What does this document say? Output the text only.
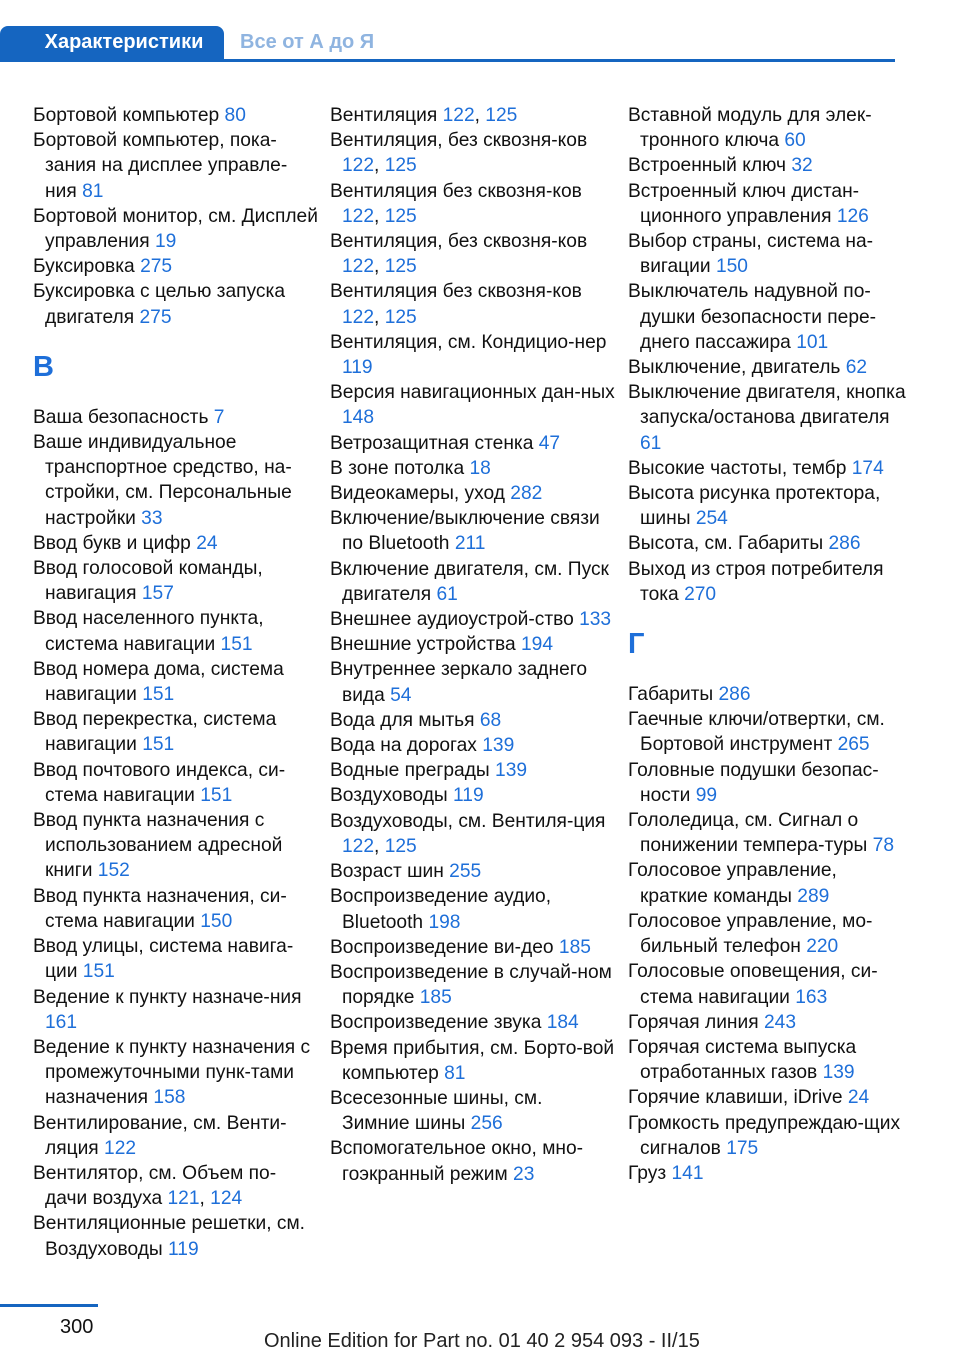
Характеристики	Все от А до Я
Бортовой компьютер 80
Бортовой компьютер, пока-зания на дисплее управле-ния 81
Бортовой монитор, см. Дисплей управления 19
Буксировка 275
Буксировка с целью запуска двигателя 275
В
Ваша безопасность 7
Ваше индивидуальное транспортное средство, на-стройки, см. Персональные настройки 33
Ввод букв и цифр 24
Ввод голосовой команды, навигация 157
Ввод населенного пункта, система навигации 151
Ввод номера дома, система навигации 151
Ввод перекрестка, система навигации 151
Ввод почтового индекса, си-стема навигации 151
Ввод пункта назначения с использованием адресной книги 152
Ввод пункта назначения, си-стема навигации 150
Ввод улицы, система навига-ции 151
Ведение к пункту назначе-ния 161
Ведение к пункту назначения с промежуточными пунк-тами назначения 158
Вентилирование, см. Венти-ляция 122
Вентилятор, см. Объем по-дачи воздуха 121, 124
Вентиляционные решетки, см. Воздуховоды 119
Вентиляция 122, 125
Вентиляция, без сквозня-ков 122, 125
Вентиляция без сквозня-ков 122, 125
Вентиляция, без сквозня-ков 122, 125
Вентиляция без сквозня-ков 122, 125
Вентиляция, см. Кондицио-нер 119
Версия навигационных дан-ных 148
Ветрозащитная стенка 47
В зоне потолка 18
Видеокамеры, уход 282
Включение/выключение связи по Bluetooth 211
Включение двигателя, см. Пуск двигателя 61
Внешнее аудиоустрой-ство 133
Внешние устройства 194
Внутреннее зеркало заднего вида 54
Вода для мытья 68
Вода на дорогах 139
Водные преграды 139
Воздуховоды 119
Воздуховоды, см. Вентиля-ция 122, 125
Возраст шин 255
Воспроизведение аудио, Bluetooth 198
Воспроизведение ви-део 185
Воспроизведение в случай-ном порядке 185
Воспроизведение звука 184
Время прибытия, см. Борто-вой компьютер 81
Всесезонные шины, см. Зимние шины 256
Вспомогательное окно, мно-гоэкранный режим 23
Вставной модуль для элек-тронного ключа 60
Встроенный ключ 32
Встроенный ключ дистан-ционного управления 126
Выбор страны, система на-вигации 150
Выключатель надувной по-душки безопасности пере-днего пассажира 101
Выключение, двигатель 62
Выключение двигателя, кнопка запуска/останова двигателя 61
Высокие частоты, тембр 174
Высота рисунка протектора, шины 254
Высота, см. Габариты 286
Выход из строя потребителя тока 270
Г
Габариты 286
Гаечные ключи/отвертки, см. Бортовой инструмент 265
Головные подушки безопас-ности 99
Гололедица, см. Сигнал о понижении темпера-туры 78
Голосовое управление, краткие команды 289
Голосовое управление, мо-бильный телефон 220
Голосовые оповещения, си-стема навигации 163
Горячая линия 243
Горячая система выпуска отработанных газов 139
Горячие клавиши, iDrive 24
Громкость предупреждаю-щих сигналов 175
Груз 141
300
Online Edition for Part no. 01 40 2 954 093 - II/15
